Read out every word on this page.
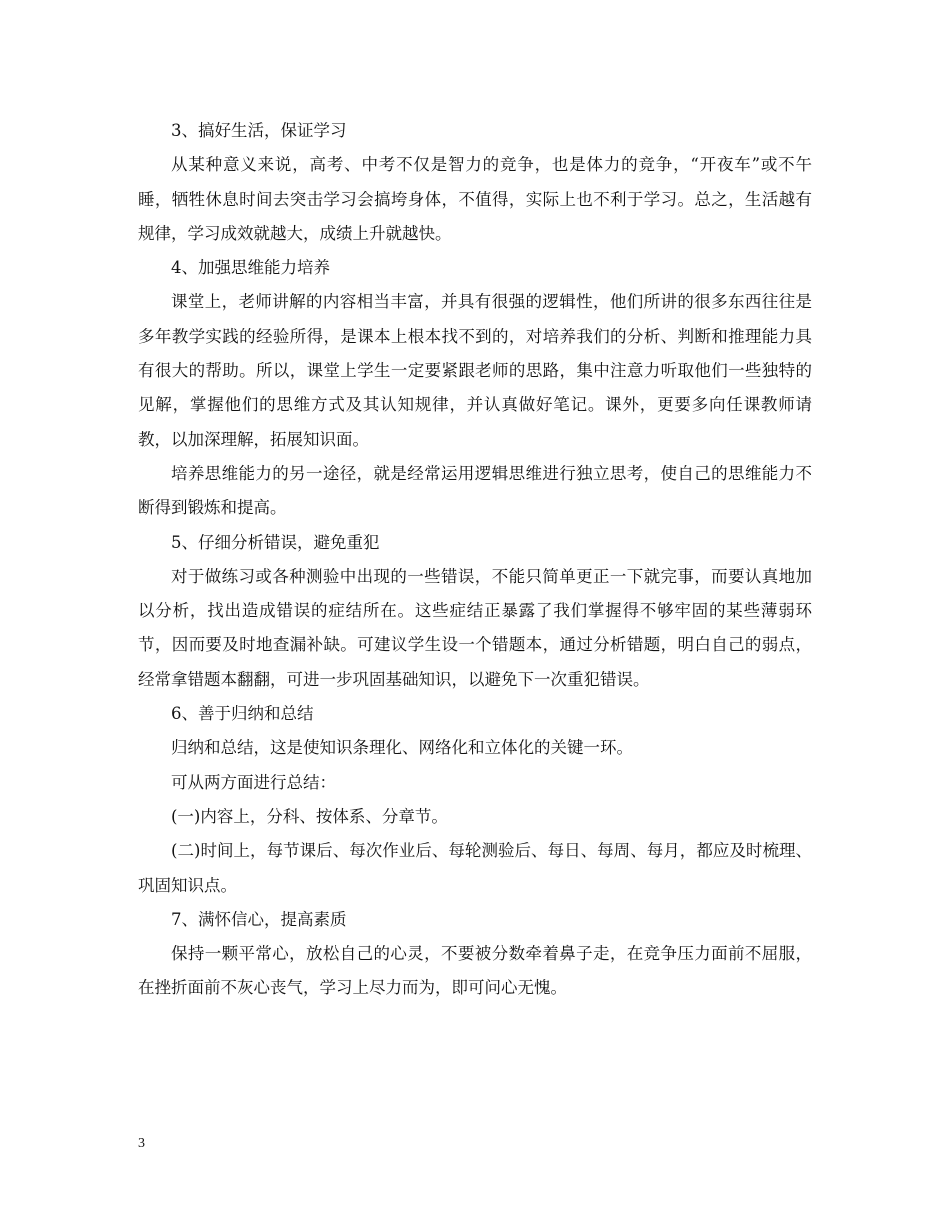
3、搞好生活，保证学习

从某种意义来说，高考、中考不仅是智力的竞争，也是体力的竞争，“开夜车”或不午睡，牺牲休息时间去突击学习会搞垮身体，不值得，实际上也不利于学习。总之，生活越有规律，学习成效就越大，成绩上升就越快。

4、加强思维能力培养

课堂上，老师讲解的内容相当丰富，并具有很强的逻辑性，他们所讲的很多东西往往是多年教学实践的经验所得，是课本上根本找不到的，对培养我们的分析、判断和推理能力具有很大的帮助。所以，课堂上学生一定要紧跟老师的思路，集中注意力听取他们一些独特的见解，掌握他们的思维方式及其认知规律，并认真做好笔记。课外，更要多向任课教师请教，以加深理解，拓展知识面。

培养思维能力的另一途径，就是经常运用逻辑思维进行独立思考，使自己的思维能力不断得到锻炼和提高。

5、仔细分析错误，避免重犯

对于做练习或各种测验中出现的一些错误，不能只简单更正一下就完事，而要认真地加以分析，找出造成错误的症结所在。这些症结正暴露了我们掌握得不够牢固的某些薄弱环节，因而要及时地查漏补缺。可建议学生设一个错题本，通过分析错题，明白自己的弱点，经常拿错题本翻翻，可进一步巩固基础知识，以避免下一次重犯错误。

6、善于归纳和总结

归纳和总结，这是使知识条理化、网络化和立体化的关键一环。

可从两方面进行总结：

(一)内容上，分科、按体系、分章节。

(二)时间上，每节课后、每次作业后、每轮测验后、每日、每周、每月，都应及时梳理、巩固知识点。

7、满怀信心，提高素质

保持一颗平常心，放松自己的心灵，不要被分数牵着鼻子走，在竞争压力面前不屈服，在挫折面前不灰心丧气，学习上尽力而为，即可问心无愧。

3
